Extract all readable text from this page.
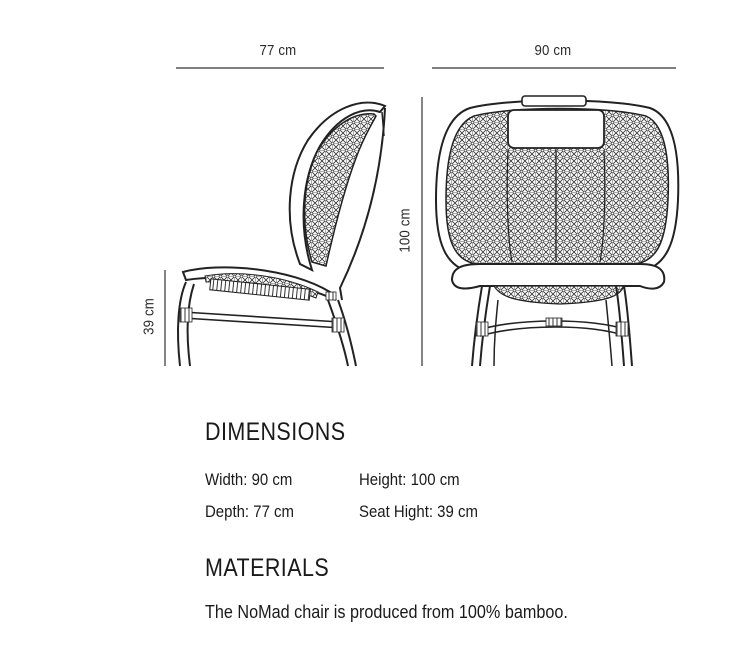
77 cm	90 cm
100 cm
39 cm
DIMENSIONS
Width: 90 cm	Height: 100 cm
Depth: 77 cm	Seat Hight: 39 cm
MATERIALS
The NoMad chair is produced from 100% bamboo.
